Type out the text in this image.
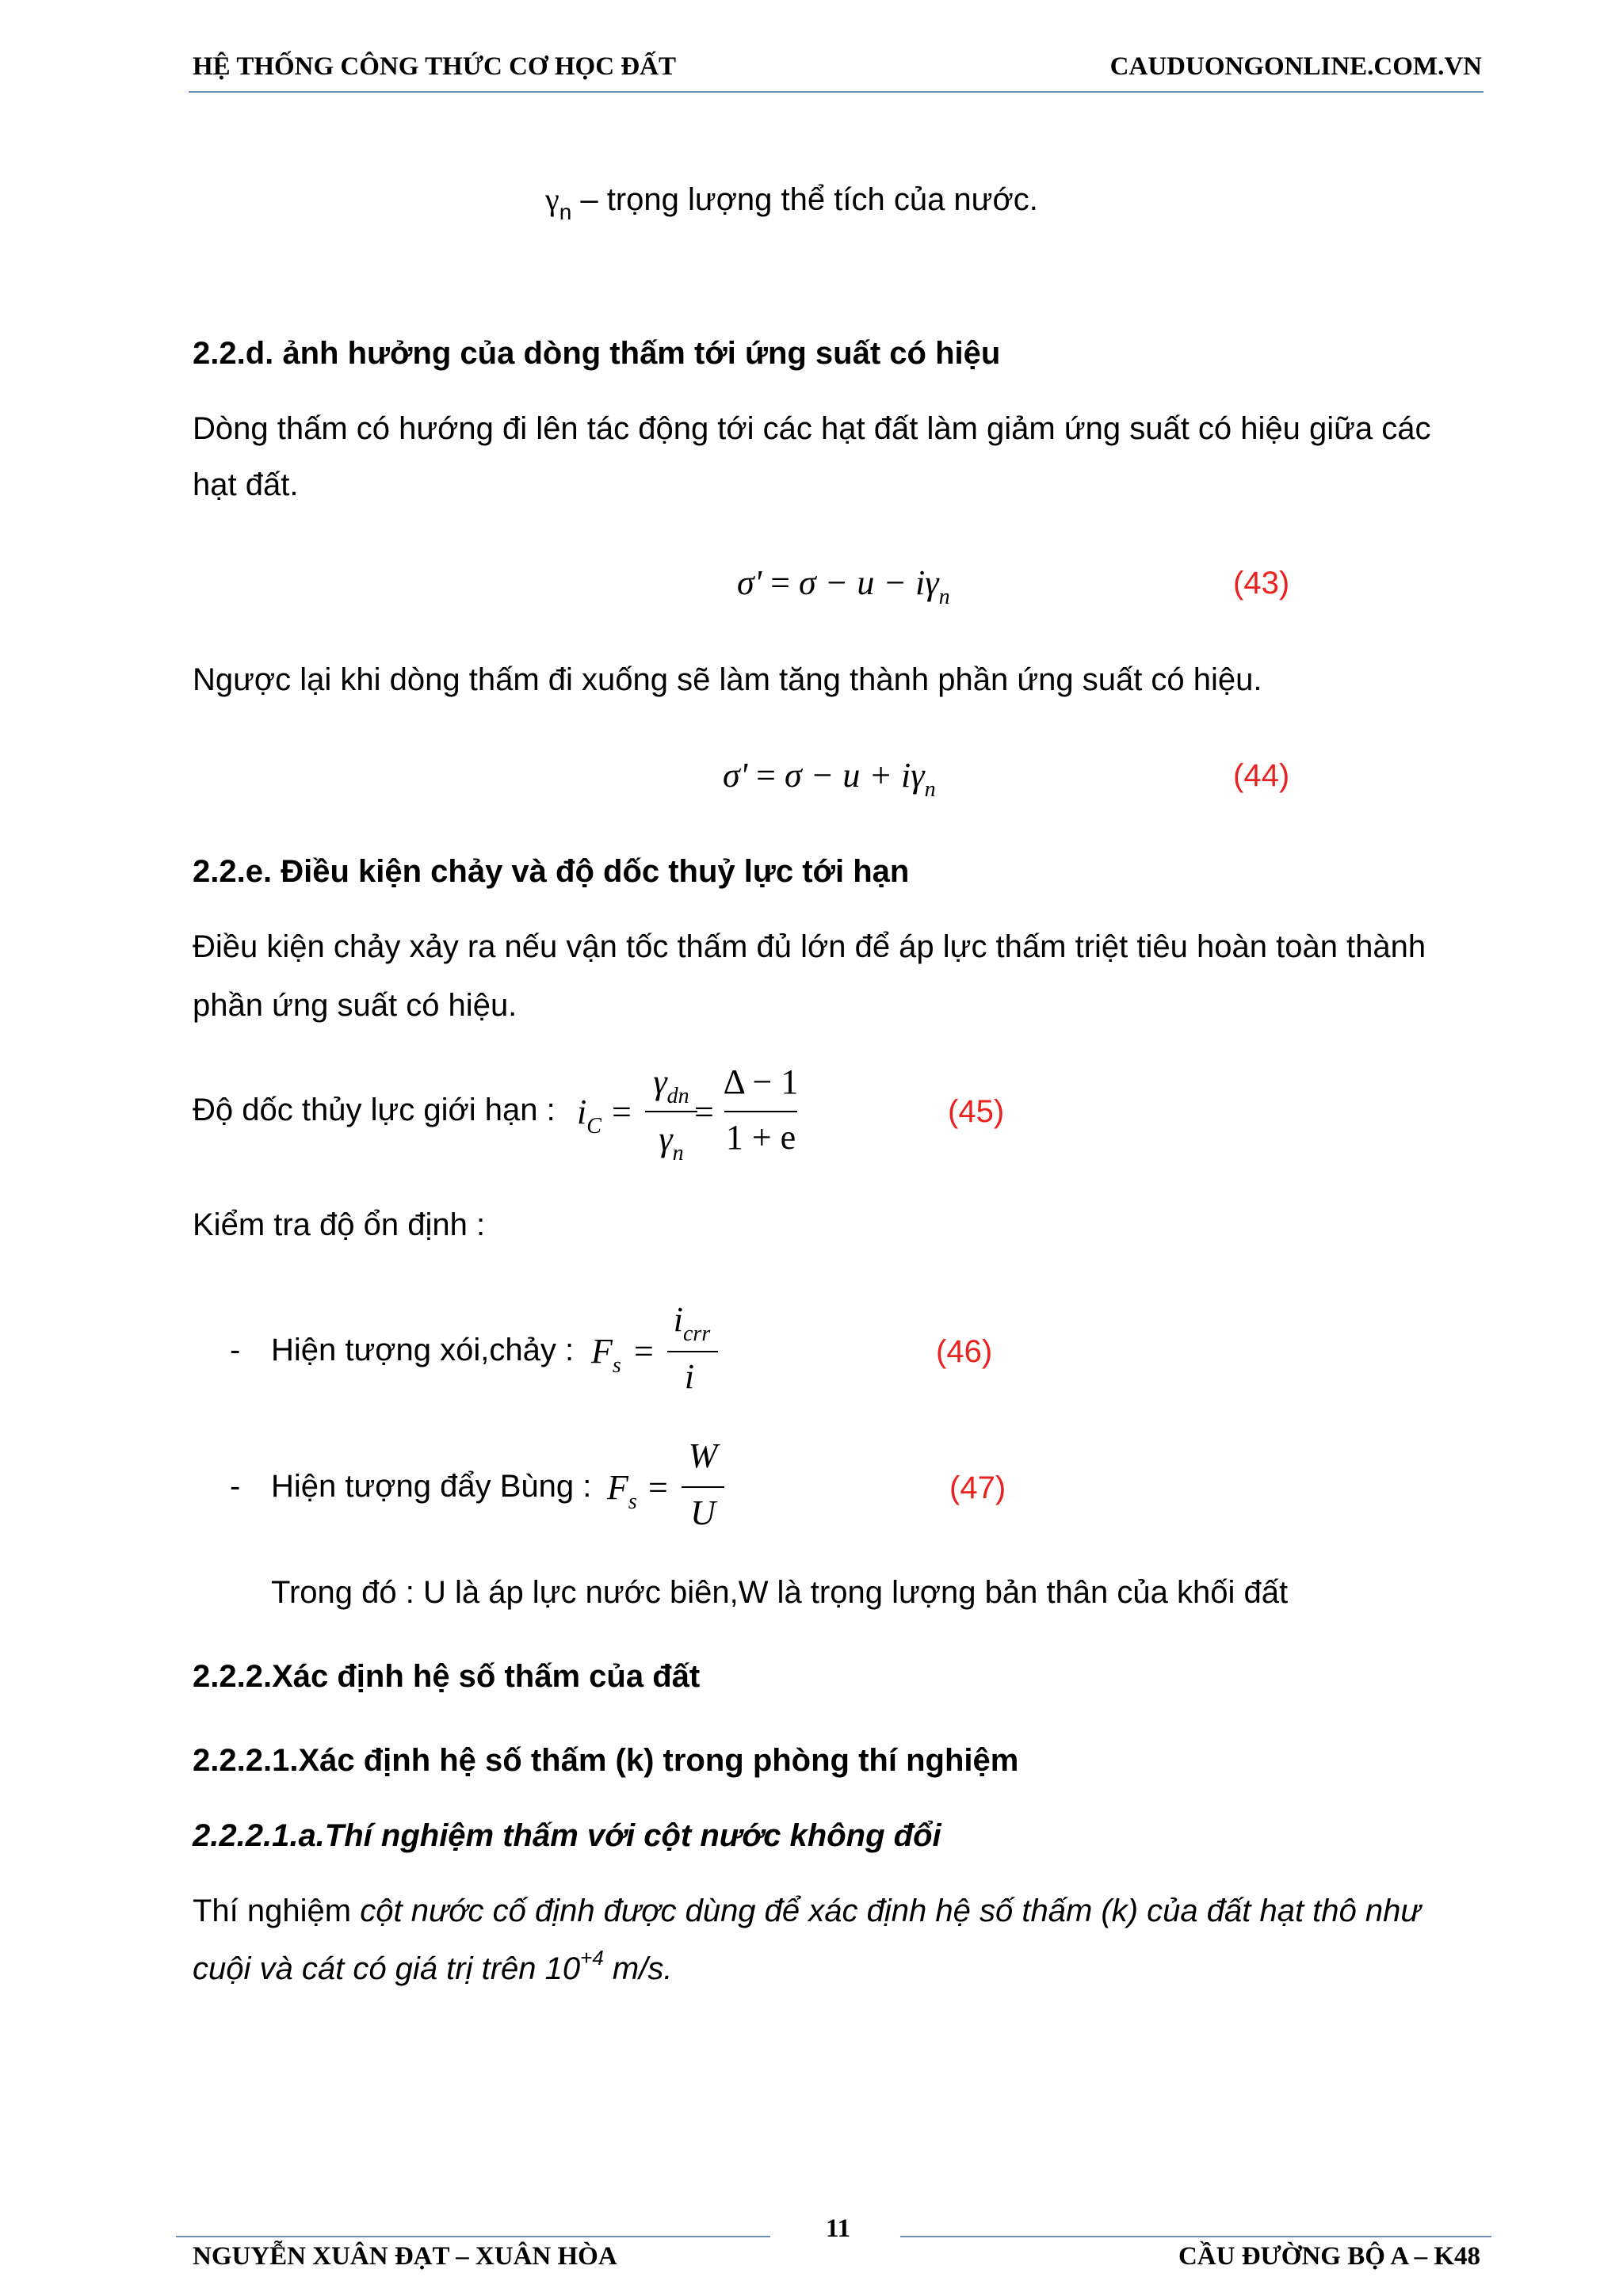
HỆ THỐNG CÔNG THỨC CƠ HỌC ĐẤT	CAUDUONGONLINE.COM.VN
$\gamma_n$ – trọng lượng thể tích của nước.
2.2.d. ảnh hưởng của dòng thấm tới ứng suất có hiệu
Dòng thấm có hướng đi lên tác động tới các hạt đất làm giảm ứng suất có hiệu giữa các
hạt đất.
$\sigma' = \sigma - u - i\gamma_n$	(43)
Ngược lại khi dòng thấm đi xuống sẽ làm tăng thành phần ứng suất có hiệu.
$\sigma' = \sigma - u + i\gamma_n$	(44)
2.2.e. Điều kiện chảy và độ dốc thuỷ lực tới hạn
Điều kiện chảy xảy ra nếu vận tốc thấm đủ lớn để áp lực thấm triệt tiêu hoàn toàn thành
phần ứng suất có hiệu.
Độ dốc thủy lực giới hạn : $i_C$ =
$\gamma_{dn}$
$\gamma_n$
=
Δ − 1
1 + e
(45)
Kiểm tra độ ổn định :
- Hiện tượng xói,chảy : $F_s$ =
$i_{crr}$
i
(46)
- Hiện tượng đẩy Bùng : $F_s$ =
W
U
(47)
Trong đó : U là áp lực nước biên,W là trọng lượng bản thân của khối đất
2.2.2.Xác định hệ số thấm của đất
2.2.2.1.Xác định hệ số thấm (k) trong phòng thí nghiệm
2.2.2.1.a.Thí nghiệm thấm với cột nước không đổi
Thí nghiệm cột nước cố định được dùng để xác định hệ số thấm (k) của đất hạt thô như
cuội và cát có giá trị trên $10^{+4}$ m/s.
11
NGUYỄN XUÂN ĐẠT – XUÂN HÒA	CẦU ĐƯỜNG BỘ A – K48
